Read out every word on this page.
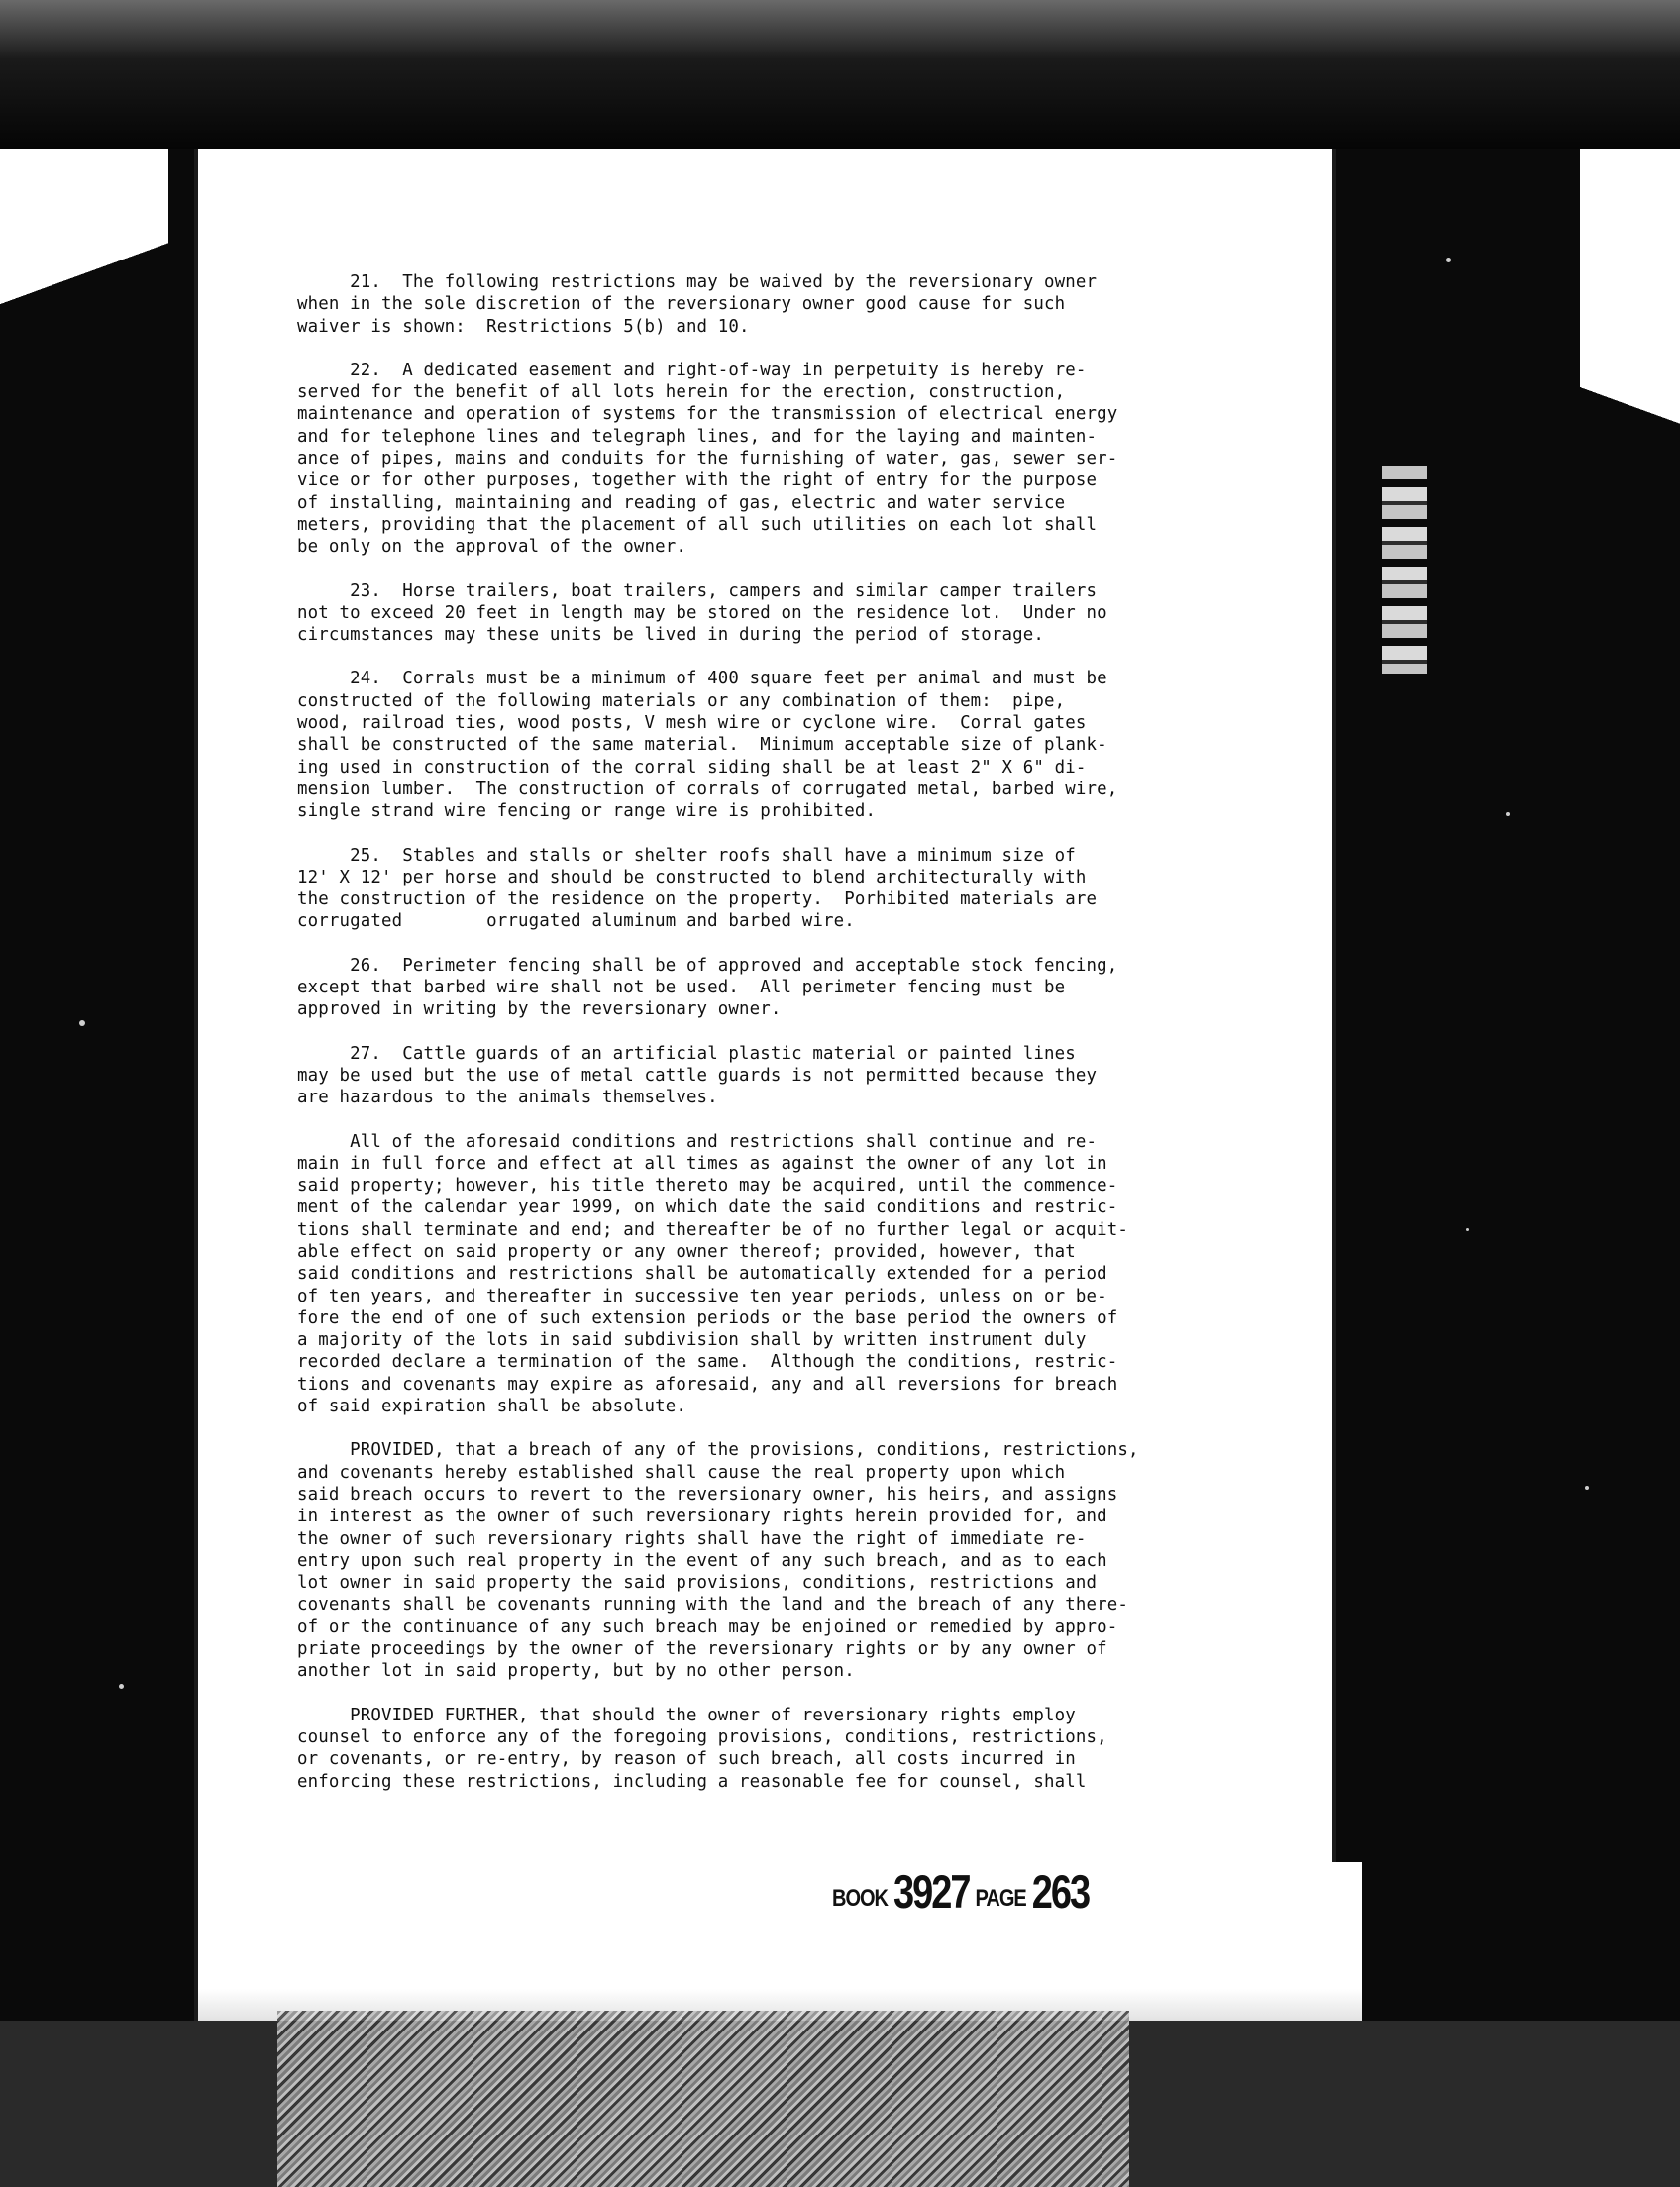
21.  The following restrictions may be waived by the reversionary owner
when in the sole discretion of the reversionary owner good cause for such
waiver is shown:  Restrictions 5(b) and 10.

22.  A dedicated easement and right-of-way in perpetuity is hereby re-
served for the benefit of all lots herein for the erection, construction,
maintenance and operation of systems for the transmission of electrical energy
and for telephone lines and telegraph lines, and for the laying and mainten-
ance of pipes, mains and conduits for the furnishing of water, gas, sewer ser-
vice or for other purposes, together with the right of entry for the purpose
of installing, maintaining and reading of gas, electric and water service
meters, providing that the placement of all such utilities on each lot shall
be only on the approval of the owner.

23.  Horse trailers, boat trailers, campers and similar camper trailers
not to exceed 20 feet in length may be stored on the residence lot.  Under no
circumstances may these units be lived in during the period of storage.

24.  Corrals must be a minimum of 400 square feet per animal and must be
constructed of the following materials or any combination of them:  pipe,
wood, railroad ties, wood posts, V mesh wire or cyclone wire.  Corral gates
shall be constructed of the same material.  Minimum acceptable size of plank-
ing used in construction of the corral siding shall be at least 2" X 6" di-
mension lumber.  The construction of corrals of corrugated metal, barbed wire,
single strand wire fencing or range wire is prohibited.

25.  Stables and stalls or shelter roofs shall have a minimum size of
12' X 12' per horse and should be constructed to blend architecturally with
the construction of the residence on the property.  Porhibited materials are
corrugated        orrugated aluminum and barbed wire.

26.  Perimeter fencing shall be of approved and acceptable stock fencing,
except that barbed wire shall not be used.  All perimeter fencing must be
approved in writing by the reversionary owner.

27.  Cattle guards of an artificial plastic material or painted lines
may be used but the use of metal cattle guards is not permitted because they
are hazardous to the animals themselves.

All of the aforesaid conditions and restrictions shall continue and re-
main in full force and effect at all times as against the owner of any lot in
said property; however, his title thereto may be acquired, until the commence-
ment of the calendar year 1999, on which date the said conditions and restric-
tions shall terminate and end; and thereafter be of no further legal or acquit-
able effect on said property or any owner thereof; provided, however, that
said conditions and restrictions shall be automatically extended for a period
of ten years, and thereafter in successive ten year periods, unless on or be-
fore the end of one of such extension periods or the base period the owners of
a majority of the lots in said subdivision shall by written instrument duly
recorded declare a termination of the same.  Although the conditions, restric-
tions and covenants may expire as aforesaid, any and all reversions for breach
of said expiration shall be absolute.

PROVIDED, that a breach of any of the provisions, conditions, restrictions,
and covenants hereby established shall cause the real property upon which
said breach occurs to revert to the reversionary owner, his heirs, and assigns
in interest as the owner of such reversionary rights herein provided for, and
the owner of such reversionary rights shall have the right of immediate re-
entry upon such real property in the event of any such breach, and as to each
lot owner in said property the said provisions, conditions, restrictions and
covenants shall be covenants running with the land and the breach of any there-
of or the continuance of any such breach may be enjoined or remedied by appro-
priate proceedings by the owner of the reversionary rights or by any owner of
another lot in said property, but by no other person.

PROVIDED FURTHER, that should the owner of reversionary rights employ
counsel to enforce any of the foregoing provisions, conditions, restrictions,
or covenants, or re-entry, by reason of such breach, all costs incurred in
enforcing these restrictions, including a reasonable fee for counsel, shall

BOOK 3927 PAGE 263
